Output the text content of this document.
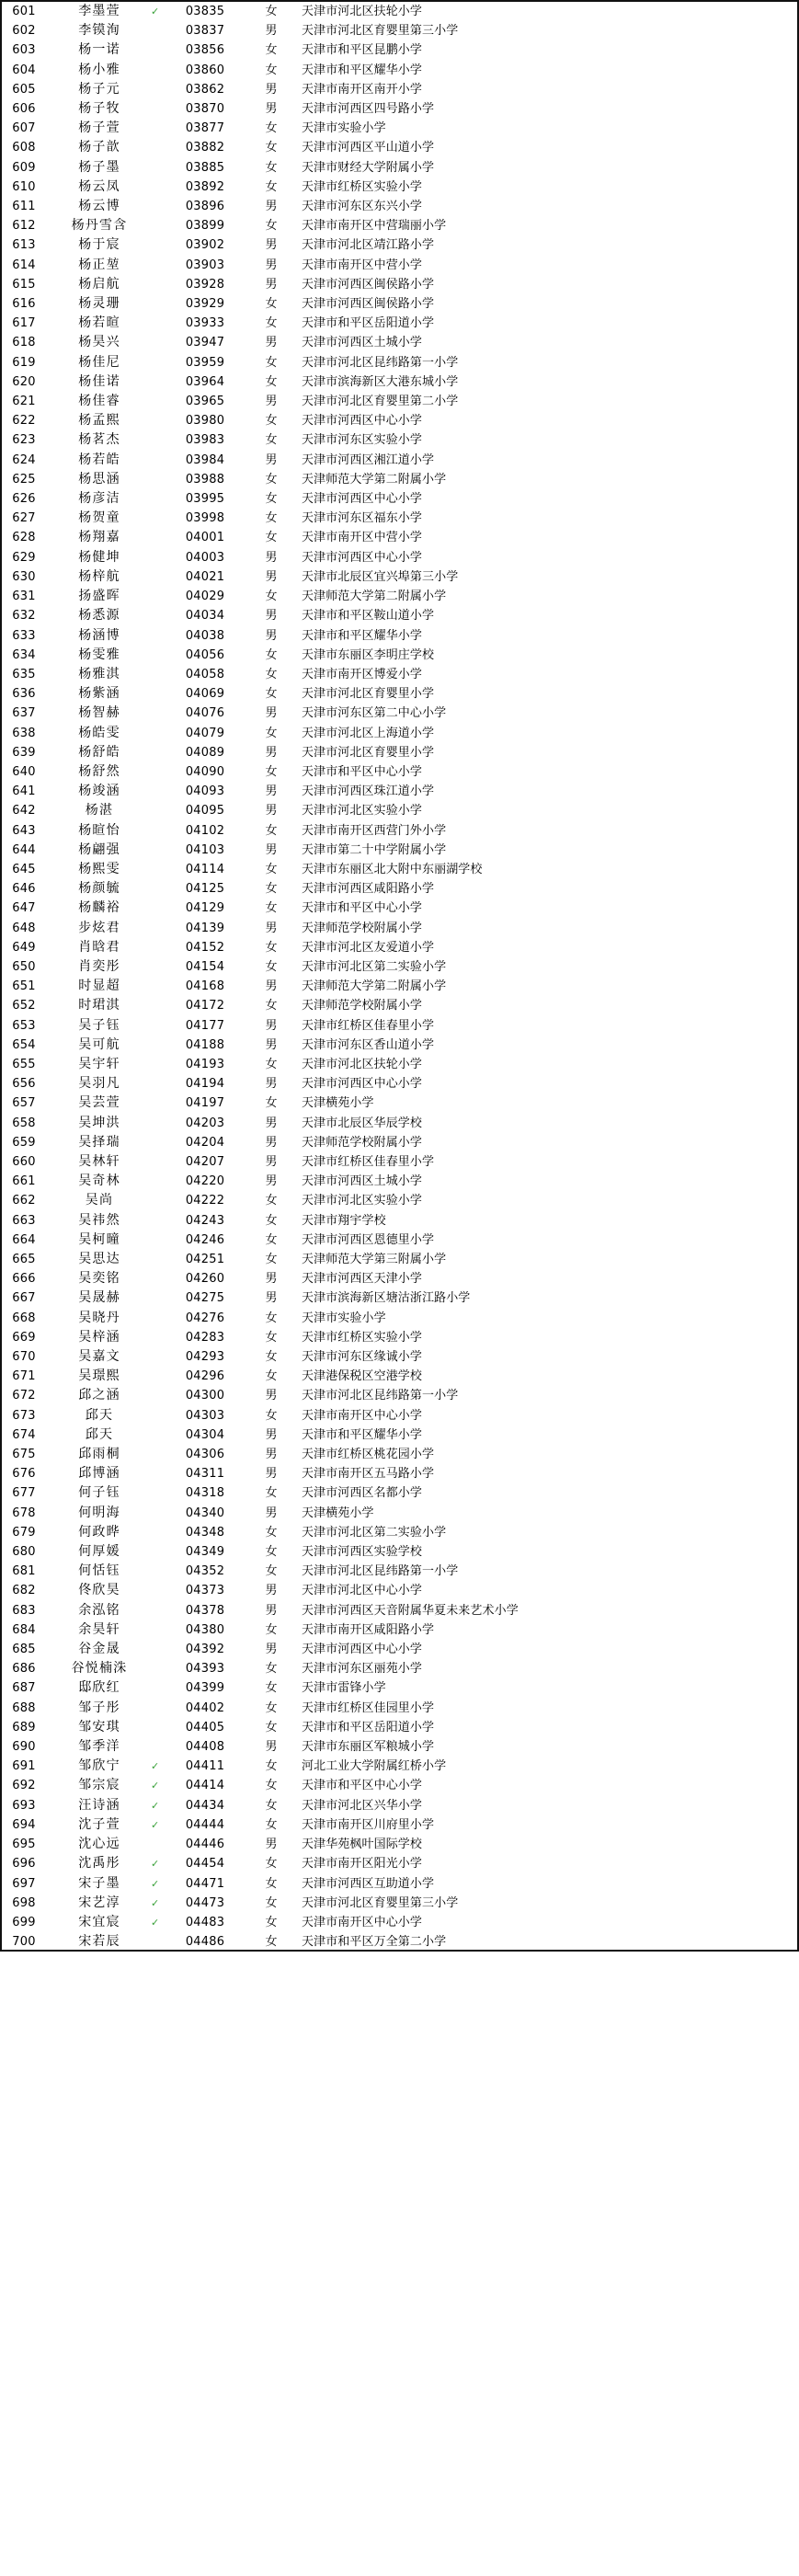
601	李墨萱	✓	03835	女	天津市河北区扶轮小学
602	李镆洵		03837	男	天津市河北区育婴里第三小学
603	杨一诺		03856	女	天津市和平区昆鹏小学
604	杨小雅		03860	女	天津市和平区耀华小学
605	杨子元		03862	男	天津市南开区南开小学
606	杨子牧		03870	男	天津市河西区四号路小学
607	杨子萱		03877	女	天津市实验小学
608	杨子歆		03882	女	天津市河西区平山道小学
609	杨子墨		03885	女	天津市财经大学附属小学
610	杨云凤		03892	女	天津市红桥区实验小学
611	杨云博		03896	男	天津市河东区东兴小学
612	杨丹雪含		03899	女	天津市南开区中营瑞丽小学
613	杨于宸		03902	男	天津市河北区靖江路小学
614	杨正堃		03903	男	天津市南开区中营小学
615	杨启航		03928	男	天津市河西区闽侯路小学
616	杨灵珊		03929	女	天津市河西区闽侯路小学
617	杨若暄		03933	女	天津市和平区岳阳道小学
618	杨昊兴		03947	男	天津市河西区土城小学
619	杨佳尼		03959	女	天津市河北区昆纬路第一小学
620	杨佳诺		03964	女	天津市滨海新区大港东城小学
621	杨佳睿		03965	男	天津市河北区育婴里第二小学
622	杨孟熙		03980	女	天津市河西区中心小学
623	杨茗杰		03983	女	天津市河东区实验小学
624	杨若皓		03984	男	天津市河西区湘江道小学
625	杨思涵		03988	女	天津师范大学第二附属小学
626	杨彦洁		03995	女	天津市河西区中心小学
627	杨贺童		03998	女	天津市河东区福东小学
628	杨翔嘉		04001	女	天津市南开区中营小学
629	杨健坤		04003	男	天津市河西区中心小学
630	杨梓航		04021	男	天津市北辰区宜兴埠第三小学
631	扬盛晖		04029	女	天津师范大学第二附属小学
632	杨悉源		04034	男	天津市和平区鞍山道小学
633	杨涵博		04038	男	天津市和平区耀华小学
634	杨雯雅		04056	女	天津市东丽区李明庄学校
635	杨雅淇		04058	女	天津市南开区博爱小学
636	杨紫涵		04069	女	天津市河北区育婴里小学
637	杨智赫		04076	男	天津市河东区第二中心小学
638	杨皓雯		04079	女	天津市河北区上海道小学
639	杨舒皓		04089	男	天津市河北区育婴里小学
640	杨舒然		04090	女	天津市和平区中心小学
641	杨竣涵		04093	男	天津市河西区珠江道小学
642	杨湛		04095	男	天津市河北区实验小学
643	杨暄怡		04102	女	天津市南开区西营门外小学
644	杨翩强		04103	男	天津市第二十中学附属小学
645	杨熙雯		04114	女	天津市东丽区北大附中东丽湖学校
646	杨颜毓		04125	女	天津市河西区咸阳路小学
647	杨麟裕		04129	女	天津市和平区中心小学
648	步炫君		04139	男	天津师范学校附属小学
649	肖晗君		04152	女	天津市河北区友爱道小学
650	肖奕彤		04154	女	天津市河北区第二实验小学
651	时显超		04168	男	天津师范大学第二附属小学
652	时珺淇		04172	女	天津师范学校附属小学
653	吴子钰		04177	男	天津市红桥区佳春里小学
654	吴可航		04188	男	天津市河东区香山道小学
655	吴宇轩		04193	女	天津市河北区扶轮小学
656	吴羽凡		04194	男	天津市河西区中心小学
657	吴芸萱		04197	女	天津横苑小学
658	吴坤洪		04203	男	天津市北辰区华辰学校
659	吴择瑞		04204	男	天津师范学校附属小学
660	吴林轩		04207	男	天津市红桥区佳春里小学
661	吴奇林		04220	男	天津市河西区土城小学
662	吴尚		04222	女	天津市河北区实验小学
663	吴祎然		04243	女	天津市翔宇学校
664	吴柯曈		04246	女	天津市河西区恩德里小学
665	吴思达		04251	女	天津师范大学第三附属小学
666	吴奕铭		04260	男	天津市河西区天津小学
667	吴晟赫		04275	男	天津市滨海新区塘沽浙江路小学
668	吴晓丹		04276	女	天津市实验小学
669	吴梓涵		04283	女	天津市红桥区实验小学
670	吴嘉文		04293	女	天津市河东区缘诚小学
671	吴璟熙		04296	女	天津港保税区空港学校
672	邱之涵		04300	男	天津市河北区昆纬路第一小学
673	邱天		04303	女	天津市南开区中心小学
674	邱天		04304	男	天津市和平区耀华小学
675	邱雨桐		04306	男	天津市红桥区桃花园小学
676	邱博涵		04311	男	天津市南开区五马路小学
677	何子钰		04318	女	天津市河西区名都小学
678	何明海		04340	男	天津横苑小学
679	何政晔		04348	女	天津市河北区第二实验小学
680	何厚媛		04349	女	天津市河西区实验学校
681	何恬钰		04352	女	天津市河北区昆纬路第一小学
682	佟欣昊		04373	男	天津市河北区中心小学
683	余泓铭		04378	男	天津市河西区天音附属华夏未来艺术小学
684	余昊轩		04380	女	天津市南开区咸阳路小学
685	谷金晟		04392	男	天津市河西区中心小学
686	谷悦楠洙		04393	女	天津市河东区丽苑小学
687	邸欣红		04399	女	天津市雷锋小学
688	邹子彤		04402	女	天津市红桥区佳园里小学
689	邹安琪		04405	女	天津市和平区岳阳道小学
690	邹季洋		04408	男	天津市东丽区军粮城小学
691	邹欣宁	✓	04411	女	河北工业大学附属红桥小学
692	邹宗宸	✓	04414	女	天津市和平区中心小学
693	汪诗涵	✓	04434	女	天津市河北区兴华小学
694	沈子萱	✓	04444	女	天津市南开区川府里小学
695	沈心远		04446	男	天津华苑枫叶国际学校
696	沈禹彤	✓	04454	女	天津市南开区阳光小学
697	宋子墨	✓	04471	女	天津市河西区互助道小学
698	宋艺淳	✓	04473	女	天津市河北区育婴里第三小学
699	宋宜宸	✓	04483	女	天津市南开区中心小学
700	宋若辰		04486	女	天津市和平区万全第二小学
